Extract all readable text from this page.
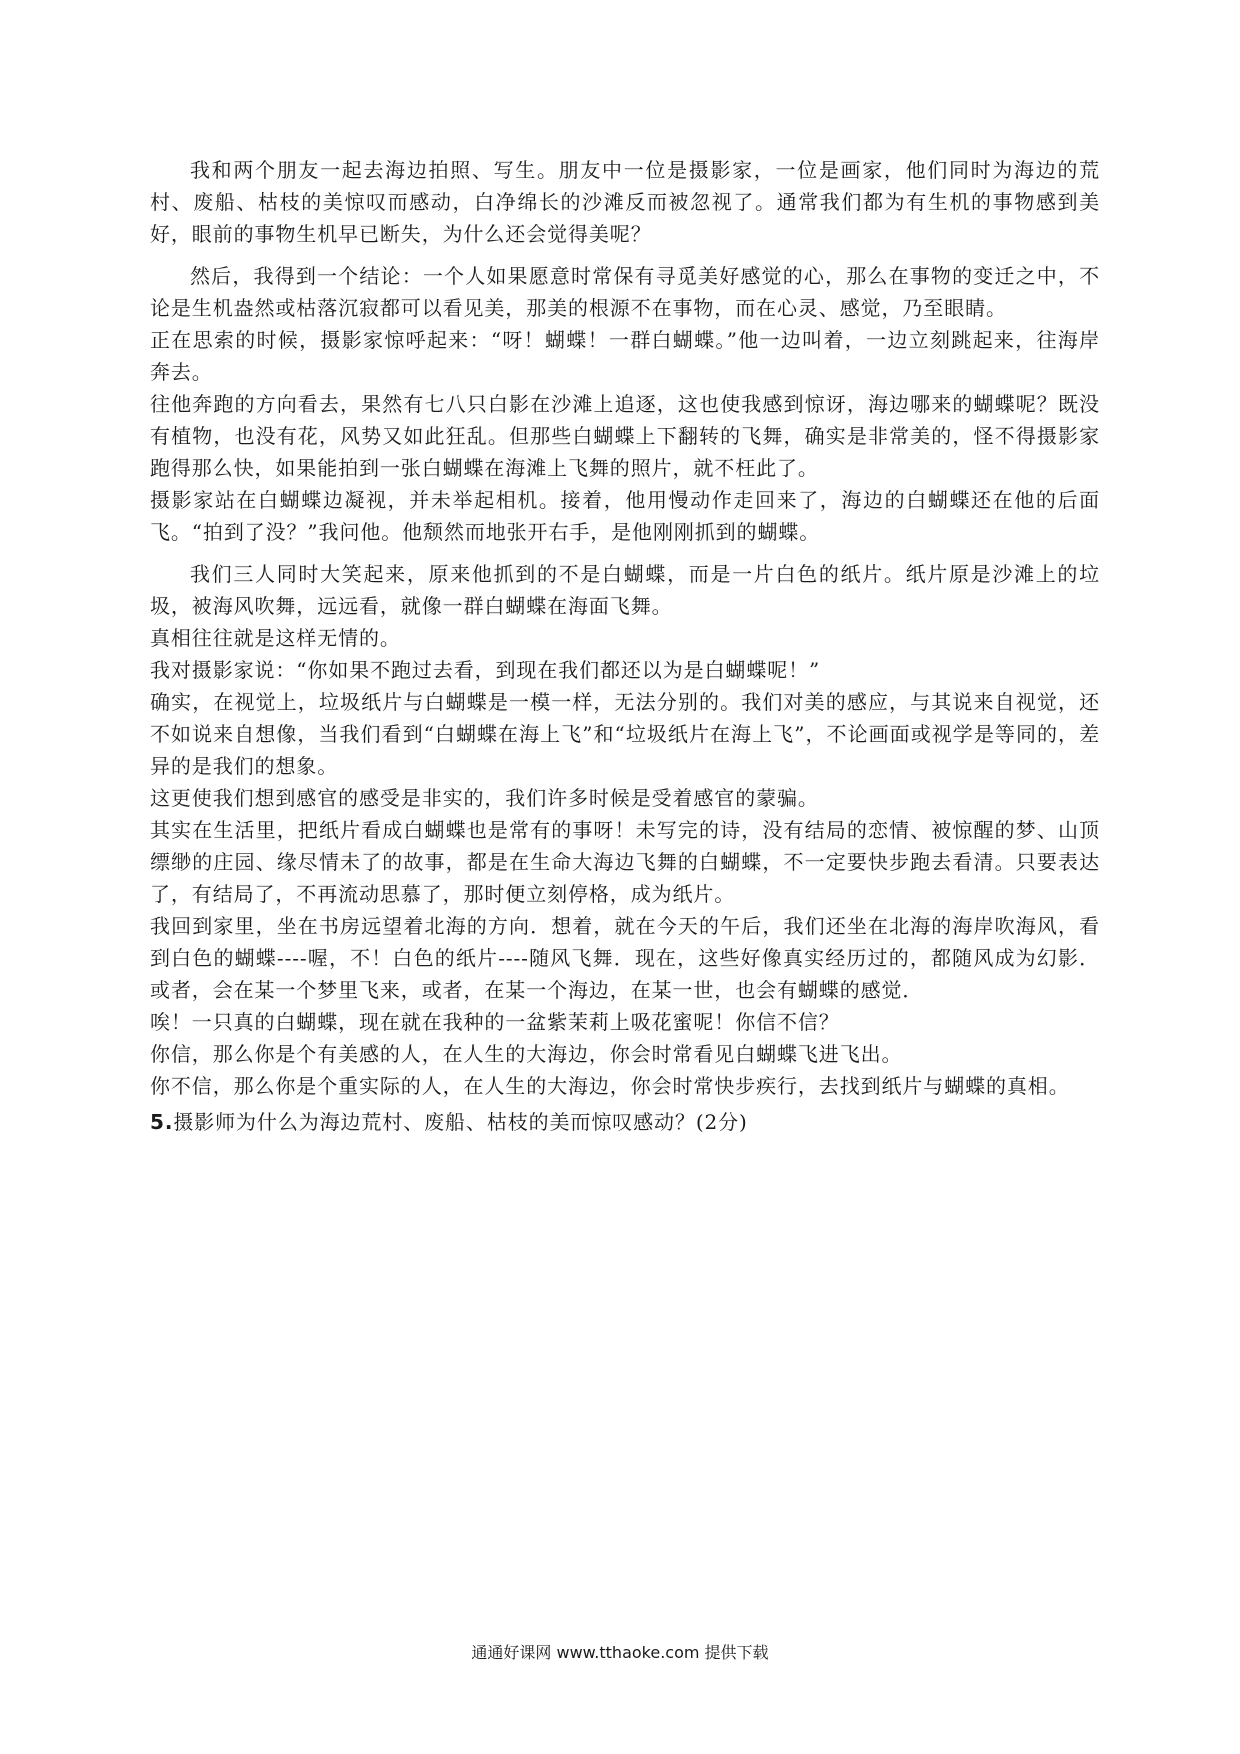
我和两个朋友一起去海边拍照、写生。朋友中一位是摄影家，一位是画家，他们同时为海边的荒村、废船、枯枝的美惊叹而感动，白净绵长的沙滩反而被忽视了。通常我们都为有生机的事物感到美好，眼前的事物生机早已断失，为什么还会觉得美呢？

然后，我得到一个结论：一个人如果愿意时常保有寻觅美好感觉的心，那么在事物的变迁之中，不论是生机盎然或枯落沉寂都可以看见美，那美的根源不在事物，而在心灵、感觉，乃至眼睛。

正在思索的时候，摄影家惊呼起来：“呀！蝴蝶！一群白蝴蝶。”他一边叫着，一边立刻跳起来，往海岸奔去。

往他奔跑的方向看去，果然有七八只白影在沙滩上追逐，这也使我感到惊讶，海边哪来的蝴蝶呢？既没有植物，也没有花，风势又如此狂乱。但那些白蝴蝶上下翻转的飞舞，确实是非常美的，怪不得摄影家跑得那么快，如果能拍到一张白蝴蝶在海滩上飞舞的照片，就不枉此了。

摄影家站在白蝴蝶边凝视，并未举起相机。接着，他用慢动作走回来了，海边的白蝴蝶还在他的后面飞。“拍到了没？”我问他。他颓然而地张开右手，是他刚刚抓到的蝴蝶。

我们三人同时大笑起来，原来他抓到的不是白蝴蝶，而是一片白色的纸片。纸片原是沙滩上的垃圾，被海风吹舞，远远看，就像一群白蝴蝶在海面飞舞。

真相往往就是这样无情的。

我对摄影家说：“你如果不跑过去看，到现在我们都还以为是白蝴蝶呢！”

确实，在视觉上，垃圾纸片与白蝴蝶是一模一样，无法分别的。我们对美的感应，与其说来自视觉，还不如说来自想像，当我们看到“白蝴蝶在海上飞”和“垃圾纸片在海上飞”，不论画面或视学是等同的，差异的是我们的想象。

这更使我们想到感官的感受是非实的，我们许多时候是受着感官的蒙骗。

其实在生活里，把纸片看成白蝴蝶也是常有的事呀！未写完的诗，没有结局的恋情、被惊醒的梦、山顶缥缈的庄园、缘尽情未了的故事，都是在生命大海边飞舞的白蝴蝶，不一定要快步跑去看清。只要表达了，有结局了，不再流动思慕了，那时便立刻停格，成为纸片。

我回到家里，坐在书房远望着北海的方向．想着，就在今天的午后，我们还坐在北海的海岸吹海风，看到白色的蝴蝶----喔，不！白色的纸片----随风飞舞．现在，这些好像真实经历过的，都随风成为幻影．或者，会在某一个梦里飞来，或者，在某一个海边，在某一世，也会有蝴蝶的感觉．

唉！一只真的白蝴蝶，现在就在我种的一盆紫茉莉上吸花蜜呢！你信不信？

你信，那么你是个有美感的人，在人生的大海边，你会时常看见白蝴蝶飞进飞出。

你不信，那么你是个重实际的人，在人生的大海边，你会时常快步疾行，去找到纸片与蝴蝶的真相。

5.摄影师为什么为海边荒村、废船、枯枝的美而惊叹感动？(2分)
通通好课网 www.tthaoke.com 提供下载
